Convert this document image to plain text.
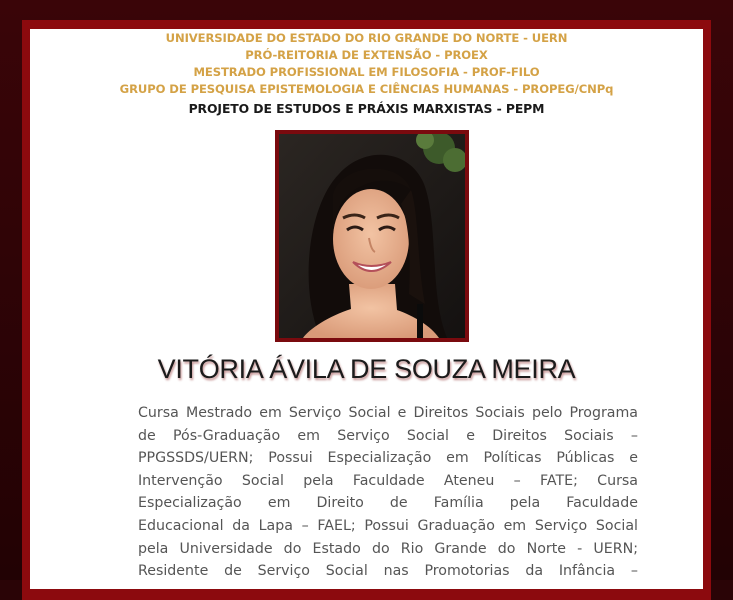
UNIVERSIDADE DO ESTADO DO RIO GRANDE DO NORTE - UERN
PRÓ-REITORIA DE EXTENSÃO - PROEX
MESTRADO PROFISSIONAL EM FILOSOFIA - PROF-FILO
GRUPO DE PESQUISA EPISTEMOLOGIA E CIÊNCIAS HUMANAS - PROPEG/CNPq
PROJETO DE ESTUDOS E PRÁXIS MARXISTAS - PEPM
VITÓRIA ÁVILA DE SOUZA MEIRA
Cursa Mestrado em Serviço Social e Direitos Sociais pelo Programa
de Pós-Graduação em Serviço Social e Direitos Sociais –
PPGSSDS/UERN; Possui Especialização em Políticas Públicas e
Intervenção Social pela Faculdade Ateneu – FATE; Cursa
Especialização em Direito de Família pela Faculdade
Educacional da Lapa – FAEL; Possui Graduação em Serviço Social
pela Universidade do Estado do Rio Grande do Norte - UERN;
Residente de Serviço Social nas Promotorias da Infância –
